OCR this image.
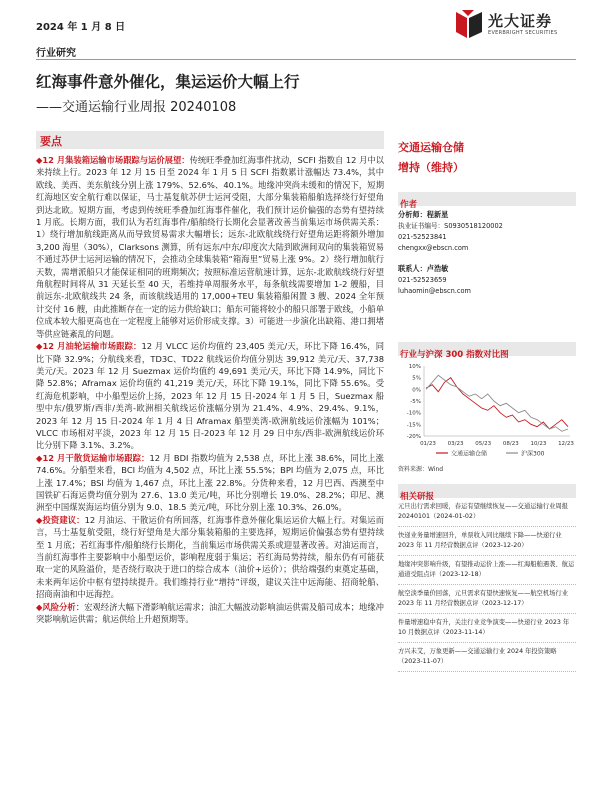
2024 年 1 月 8 日	光大证券
EVERBRIGHT SECURITIES
行业研究
红海事件意外催化，集运运价大幅上行
——交通运输行业周报 20240108
要点

◆12 月集装箱运输市场跟踪与运价展望：传统旺季叠加红海事件扰动，SCFI 指数自 12 月中以来持续上行。2023 年 12 月 15 日至 2024 年 1 月 5 日 SCFI 指数累计涨幅达 73.4%，其中欧线、美西、美东航线分别上涨 179%、52.6%、40.1%。地缘冲突尚未缓和的情况下，短期红海地区安全航行难以保证，马士基复航苏伊士运河受阻，大部分集装箱船舶选择绕行好望角到达北欧。短期方面，考虑到传统旺季叠加红海事件催化，我们预计运价偏强的态势有望持续 1 月底。长期方面，我们认为若红海事件/船舶绕行长期化会显著改善当前集运市场供需关系：1）绕行增加航线距离从而导致贸易需求大幅增长；远东-北欧航线绕行好望角运距将额外增加 3,200 海里（30%），Clarksons 测算，所有远东/中东/印度次大陆到欧洲间双向的集装箱贸易不通过苏伊士运河运输的情况下，会推动全球集装箱“箱海里”贸易上涨 9%。2）绕行增加航行天数，需增派船只才能保证相同的班期频次；按照标准运营航速计算，远东-北欧航线绕行好望角航程时间将从 31 天延长至 40 天，若维持单周服务水平，每条航线需要增加 1-2 艘船，目前远东-北欧航线共 24 条，而该航线适用的 17,000+TEU 集装箱船闲置 3 艘、2024 全年预计交付 16 艘，由此推断存在一定的运力供给缺口；船东可能将较小的船只部署于欧线，小船单位成本较大船更高也在一定程度上能够对运价形成支撑。3）可能进一步演化出缺箱、港口拥堵等供应链紊乱的问题。

◆12 月油轮运输市场跟踪：12 月 VLCC 运价均值约 23,405 美元/天，环比下降 16.4%，同比下降 32.9%；分航线来看，TD3C、TD22 航线运价均值分别达 39,912 美元/天、37,738 美元/天。2023 年 12 月 Suezmax 运价均值约 49,691 美元/天，环比下降 14.9%，同比下降 52.8%；Aframax 运价均值约 41,219 美元/天，环比下降 19.1%，同比下降 55.6%。受红海危机影响，中小船型运价上扬，2023 年 12 月 15 日-2024 年 1 月 5 日，Suezmax 船型中东/俄罗斯/西非/美湾-欧洲相关航线运价涨幅分别为 21.4%、4.9%、29.4%、9.1%，2023 年 12 月 15 日-2024 年 1 月 4 日 Aframax 船型美湾-欧洲航线运价涨幅为 101%；VLCC 市场相对平淡，2023 年 12 月 15 日-2023 年 12 月 29 日中东/西非-欧洲航线运价环比分别下降 3.1%、3.2%。

◆12 月干散货运输市场跟踪：12 月 BDI 指数均值为 2,538 点，环比上涨 38.6%，同比上涨 74.6%。分船型来看，BCI 均值为 4,502 点，环比上涨 55.5%；BPI 均值为 2,075 点，环比上涨 17.4%；BSI 均值为 1,467 点，环比上涨 22.8%。分货种来看，12 月巴西、西澳至中国铁矿石海运费均值分别为 27.6、13.0 美元/吨，环比分别增长 19.0%、28.2%；印尼、澳洲至中国煤炭海运均值分别为 9.0、18.5 美元/吨，环比分别上涨 10.3%、26.0%。

◆投资建议：12 月油运、干散运价有所回落，红海事件意外催化集运运价大幅上行。对集运而言，马士基复航受阻，绕行好望角是大部分集装箱船的主要选择，短期运价偏强态势有望持续至 1 月底；若红海事件/船舶绕行长期化，当前集运市场供需关系或迎显著改善。对油运而言，当前红海事件主要影响中小船型运价，影响程度弱于集运；若红海局势持续，船东仍有可能获取一定的风险溢价，是否绕行取决于进口的综合成本（油价+运价）；供给端强约束奠定基础，未来两年运价中枢有望持续提升。我们维持行业“增持”评级，建议关注中远海能、招商轮船、招商南油和中远海控。

◆风险分析：宏观经济大幅下滑影响航运需求；油汇大幅波动影响油运供需及船司成本；地缘冲突影响航运供需；航运供给上升超预期等。

交通运输仓储
增持（维持）
作者
分析师：程新星
执业证书编号：S0930518120002
021-52523841
chengxx@ebscn.com
联系人：卢浩敏
021-52523659
luhaomin@ebscn.com
行业与沪深 300 指数对比图
10%
5%
0%
-5%
-10%
-15%
-20%
01/23 03/23 05/23 08/23 10/23 12/23
交通运输仓储	沪深300
资料来源：Wind
相关研报
元旦出行需求回暖，春运有望继续恢复——交通运输行业周报 20240101（2024-01-02）
快递业务量增速回升，单票收入同比继续下降——快递行业 2023 年 11 月经营数据点评（2023-12-20）
地缘冲突影响升级，有望推动运价上涨——红海船舶遇袭、航运通道受阻点评（2023-12-18）
航空淡季量价回落，元旦需求有望快速恢复——航空机场行业 2023 年 11 月经营数据点评（2023-12-17）
件量增速稳中有升，关注行业竞争演变——快递行业 2023 年 10 月数据点评（2023-11-14）
方兴未艾，万象更新——交通运输行业 2024 年投资策略（2023-11-07）
